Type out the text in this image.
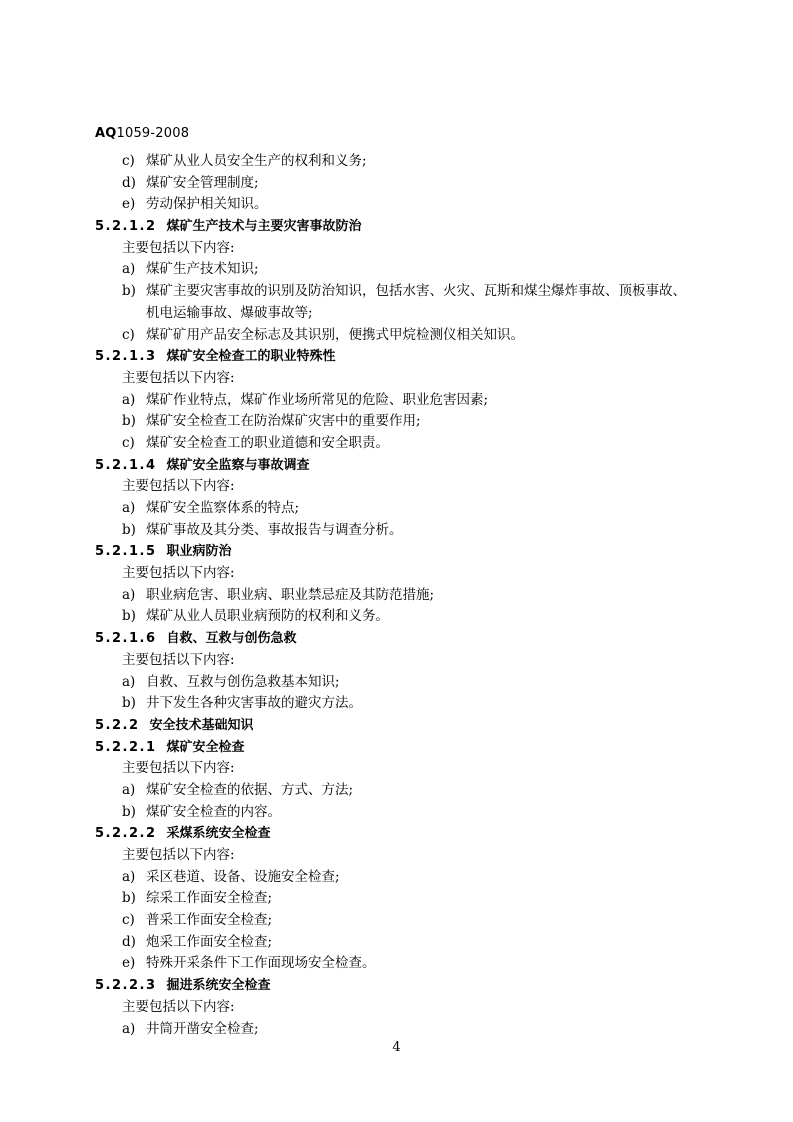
AQ1059-2008
c) 煤矿从业人员安全生产的权利和义务;
d) 煤矿安全管理制度;
e) 劳动保护相关知识。
5.2.1.2 煤矿生产技术与主要灾害事故防治
主要包括以下内容:
a) 煤矿生产技术知识;
b) 煤矿主要灾害事故的识别及防治知识，包括水害、火灾、瓦斯和煤尘爆炸事故、顶板事故、
机电运输事故、爆破事故等;
c) 煤矿矿用产品安全标志及其识别，便携式甲烷检测仪相关知识。
5.2.1.3 煤矿安全检查工的职业特殊性
主要包括以下内容:
a) 煤矿作业特点，煤矿作业场所常见的危险、职业危害因素;
b) 煤矿安全检查工在防治煤矿灾害中的重要作用;
c) 煤矿安全检查工的职业道德和安全职责。
5.2.1.4 煤矿安全监察与事故调查
主要包括以下内容:
a) 煤矿安全监察体系的特点;
b) 煤矿事故及其分类、事故报告与调查分析。
5.2.1.5 职业病防治
主要包括以下内容:
a) 职业病危害、职业病、职业禁忌症及其防范措施;
b) 煤矿从业人员职业病预防的权利和义务。
5.2.1.6 自救、互救与创伤急救
主要包括以下内容:
a) 自救、互救与创伤急救基本知识;
b) 井下发生各种灾害事故的避灾方法。
5.2.2 安全技术基础知识
5.2.2.1 煤矿安全检查
主要包括以下内容:
a) 煤矿安全检查的依据、方式、方法;
b) 煤矿安全检查的内容。
5.2.2.2 采煤系统安全检查
主要包括以下内容:
a) 采区巷道、设备、设施安全检查;
b) 综采工作面安全检查;
c) 普采工作面安全检查;
d) 炮采工作面安全检查;
e) 特殊开采条件下工作面现场安全检查。
5.2.2.3 掘进系统安全检查
主要包括以下内容:
a) 井筒开凿安全检查;
4
